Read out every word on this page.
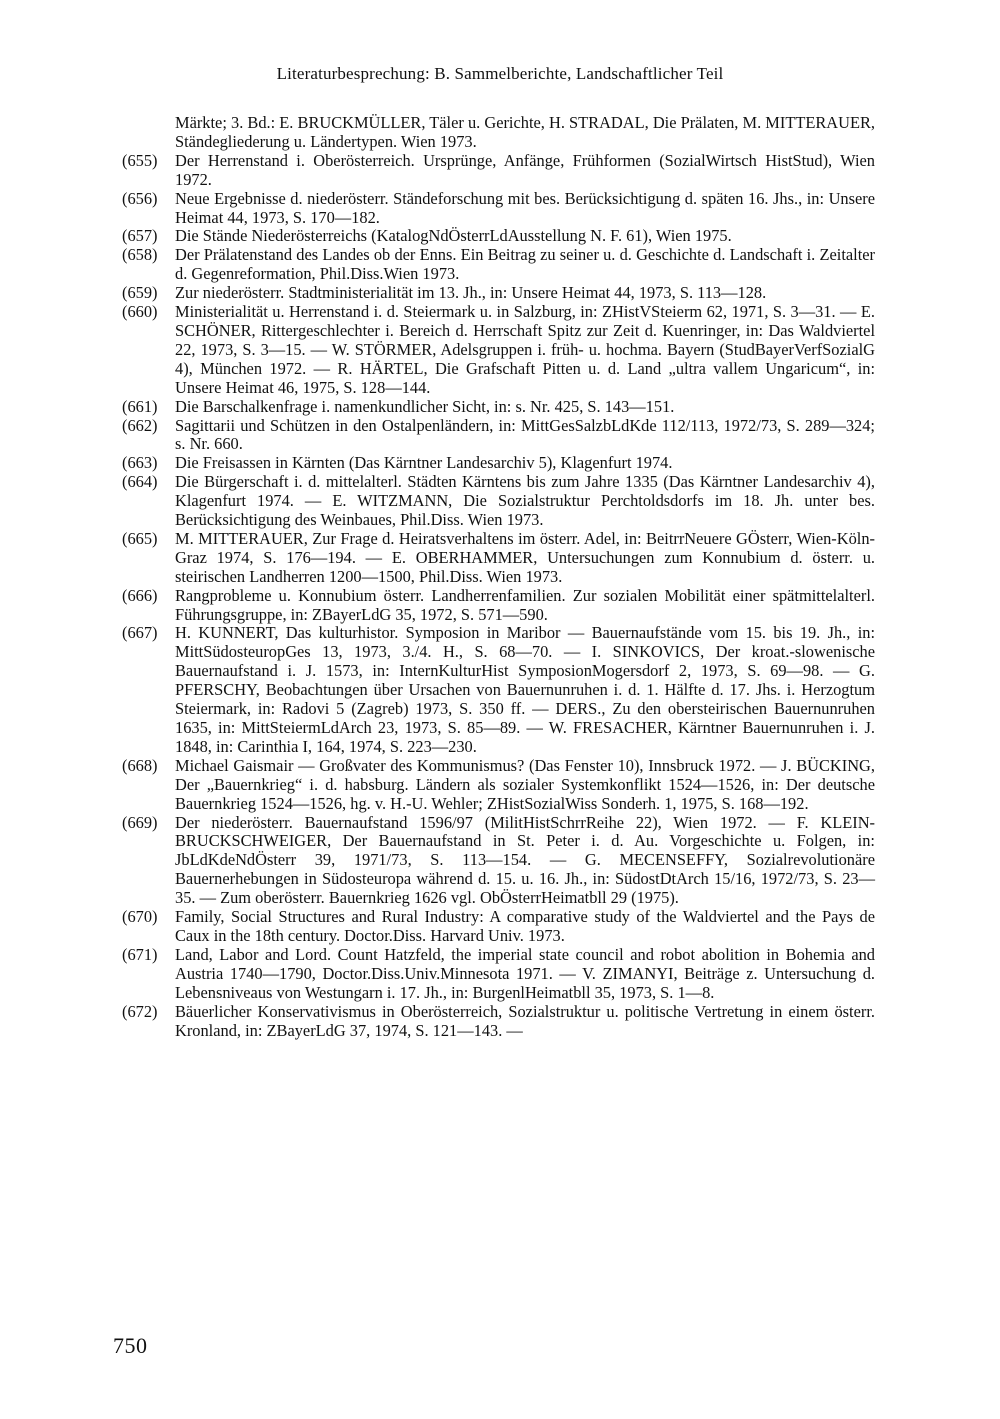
Literaturbesprechung: B. Sammelberichte, Landschaftlicher Teil
Märkte; 3. Bd.: E. BRUCKMÜLLER, Täler u. Gerichte, H. STRADAL, Die Prälaten, M. MITTERAUER, Ständegliederung u. Ländertypen. Wien 1973.
(655)	Der Herrenstand i. Oberösterreich. Ursprünge, Anfänge, Frühformen (SozialWirtsch HistStud), Wien 1972.
(656)	Neue Ergebnisse d. niederösterr. Ständeforschung mit bes. Berücksichtigung d. späten 16. Jhs., in: Unsere Heimat 44, 1973, S. 170—182.
(657)	Die Stände Niederösterreichs (KatalogNdÖsterrLdAusstellung N. F. 61), Wien 1975.
(658)	Der Prälatenstand des Landes ob der Enns. Ein Beitrag zu seiner u. d. Geschichte d. Landschaft i. Zeitalter d. Gegenreformation, Phil.Diss.Wien 1973.
(659)	Zur niederösterr. Stadtministerialität im 13. Jh., in: Unsere Heimat 44, 1973, S. 113—128.
(660)	Ministerialität u. Herrenstand i. d. Steiermark u. in Salzburg, in: ZHistVSteierm 62, 1971, S. 3—31. — E. SCHÖNER, Rittergeschlechter i. Bereich d. Herrschaft Spitz zur Zeit d. Kuenringer, in: Das Waldviertel 22, 1973, S. 3—15. — W. STÖRMER, Adelsgruppen i. früh- u. hochma. Bayern (StudBayerVerfSozialG 4), München 1972. — R. HÄRTEL, Die Grafschaft Pitten u. d. Land „ultra vallem Ungaricum“, in: Unsere Heimat 46, 1975, S. 128—144.
(661)	Die Barschalkenfrage i. namenkundlicher Sicht, in: s. Nr. 425, S. 143—151.
(662)	Sagittarii und Schützen in den Ostalpenländern, in: MittGesSalzbLdKde 112/113, 1972/73, S. 289—324; s. Nr. 660.
(663)	Die Freisassen in Kärnten (Das Kärntner Landesarchiv 5), Klagenfurt 1974.
(664)	Die Bürgerschaft i. d. mittelalterl. Städten Kärntens bis zum Jahre 1335 (Das Kärntner Landesarchiv 4), Klagenfurt 1974. — E. WITZMANN, Die Sozialstruktur Perchtoldsdorfs im 18. Jh. unter bes. Berücksichtigung des Weinbaues, Phil.Diss. Wien 1973.
(665)	M. MITTERAUER, Zur Frage d. Heiratsverhaltens im österr. Adel, in: BeitrrNeuere GÖsterr, Wien-Köln-Graz 1974, S. 176—194. — E. OBERHAMMER, Untersuchungen zum Konnubium d. österr. u. steirischen Landherren 1200—1500, Phil.Diss. Wien 1973.
(666)	Rangprobleme u. Konnubium österr. Landherrenfamilien. Zur sozialen Mobilität einer spätmittelalterl. Führungsgruppe, in: ZBayerLdG 35, 1972, S. 571—590.
(667)	H. KUNNERT, Das kulturhistor. Symposion in Maribor — Bauernaufstände vom 15. bis 19. Jh., in: MittSüdosteuropGes 13, 1973, 3./4. H., S. 68—70. — I. SINKOVICS, Der kroat.-slowenische Bauernaufstand i. J. 1573, in: InternKulturHist SymposionMogersdorf 2, 1973, S. 69—98. — G. PFERSCHY, Beobachtungen über Ursachen von Bauernunruhen i. d. 1. Hälfte d. 17. Jhs. i. Herzogtum Steiermark, in: Radovi 5 (Zagreb) 1973, S. 350 ff. — DERS., Zu den obersteirischen Bauernunruhen 1635, in: MittSteiermLdArch 23, 1973, S. 85—89. — W. FRESACHER, Kärntner Bauernunruhen i. J. 1848, in: Carinthia I, 164, 1974, S. 223—230.
(668)	Michael Gaismair — Großvater des Kommunismus? (Das Fenster 10), Innsbruck 1972. — J. BÜCKING, Der „Bauernkrieg“ i. d. habsburg. Ländern als sozialer Systemkonflikt 1524—1526, in: Der deutsche Bauernkrieg 1524—1526, hg. v. H.-U. Wehler; ZHistSozialWiss Sonderh. 1, 1975, S. 168—192.
(669)	Der niederösterr. Bauernaufstand 1596/97 (MilitHistSchrrReihe 22), Wien 1972. — F. KLEIN-BRUCKSCHWEIGER, Der Bauernaufstand in St. Peter i. d. Au. Vorgeschichte u. Folgen, in: JbLdKdeNdÖsterr 39, 1971/73, S. 113—154. — G. MECENSEFFY, Sozialrevolutionäre Bauernerhebungen in Südosteuropa während d. 15. u. 16. Jh., in: SüdostDtArch 15/16, 1972/73, S. 23—35. — Zum oberösterr. Bauernkrieg 1626 vgl. ObÖsterrHeimatbll 29 (1975).
(670)	Family, Social Structures and Rural Industry: A comparative study of the Waldviertel and the Pays de Caux in the 18th century. Doctor.Diss. Harvard Univ. 1973.
(671)	Land, Labor and Lord. Count Hatzfeld, the imperial state council and robot abolition in Bohemia and Austria 1740—1790, Doctor.Diss.Univ.Minnesota 1971. — V. ZIMANYI, Beiträge z. Untersuchung d. Lebensniveaus von Westungarn i. 17. Jh., in: BurgenlHeimatbll 35, 1973, S. 1—8.
(672)	Bäuerlicher Konservativismus in Oberösterreich, Sozialstruktur u. politische Vertretung in einem österr. Kronland, in: ZBayerLdG 37, 1974, S. 121—143. —
750
